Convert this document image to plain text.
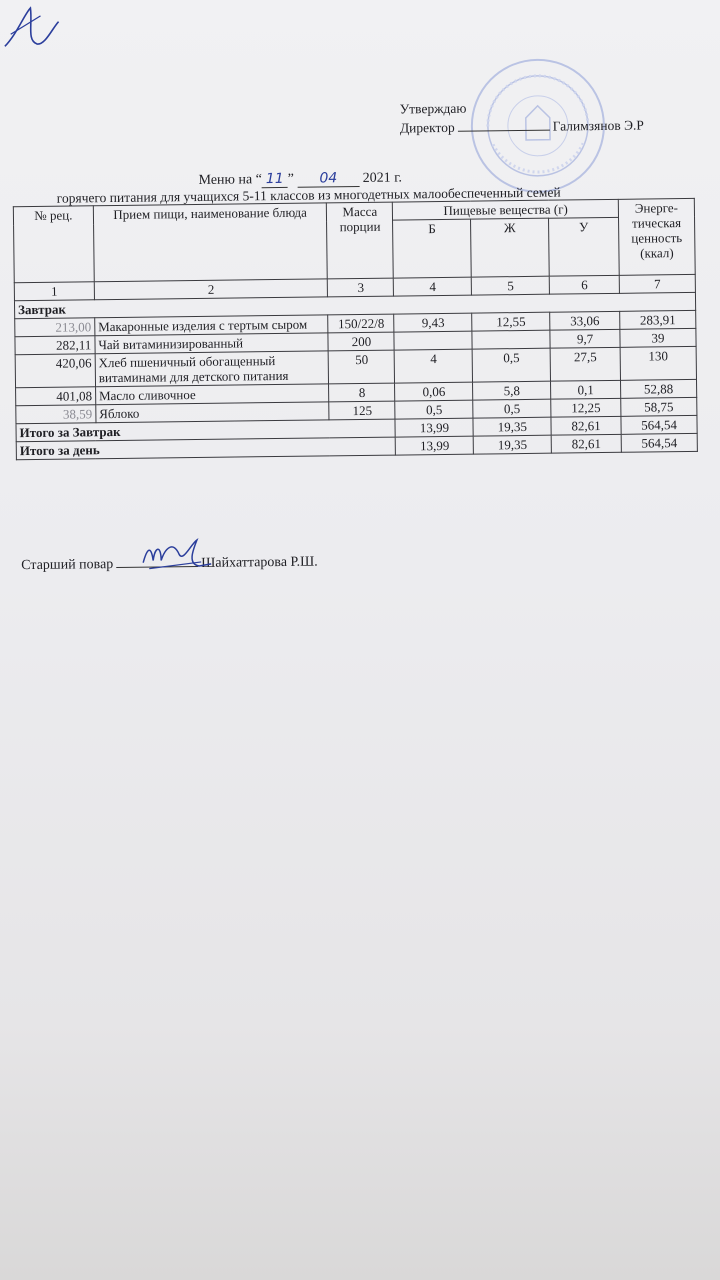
Утверждаю
Директор	Галимзянов Э.Р
Меню на “ 11 ” 04 2021 г.
горячего питания для учащихся 5-11 классов из многодетных малообеспеченный семей
№ рец.	Прием пищи, наименование блюда	Масса порции	Пищевые вещества (г)			Энерге-тическая ценность (ккал)
			Б	Ж	У	
1	2	3	4	5	6	7
Завтрак						
213,00	Макаронные изделия с тертым сыром	150/22/8	9,43	12,55	33,06	283,91
282,11	Чай витаминизированный	200			9,7	39
420,06	Хлеб пшеничный обогащенный витаминами для детского питания	50	4	0,5	27,5	130
401,08	Масло сливочное	8	0,06	5,8	0,1	52,88
38,59	Яблоко	125	0,5	0,5	12,25	58,75
Итого за Завтрак			13,99	19,35	82,61	564,54
Итого за день			13,99	19,35	82,61	564,54
Старший повар	Шайхаттарова Р.Ш.
